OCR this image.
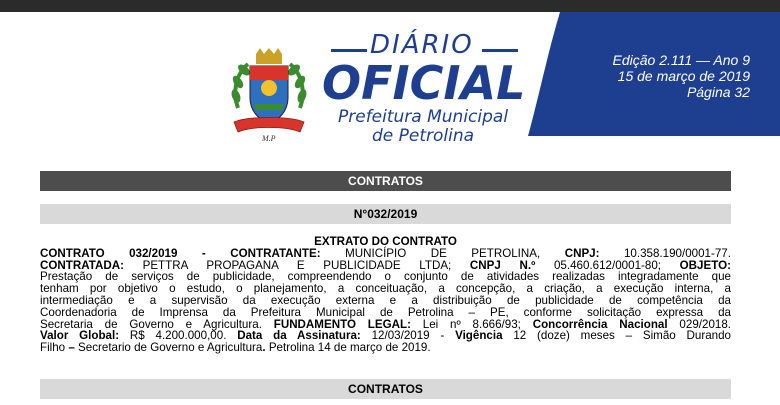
M.P
DIÁRIO
OFICIAL
Prefeitura Municipal
de Petrolina
Edição 2.111 — Ano 9
15 de março de 2019
Página 32
CONTRATOS
N°032/2019
EXTRATO DO CONTRATO
CONTRATO 032/2019 - CONTRATANTE: MUNICÍPIO DE PETROLINA, CNPJ: 10.358.190/0001-77.
CONTRATADA: PETTRA PROPAGANA E PUBLICIDADE LTDA; CNPJ N.º 05.460.612/0001-80; OBJETO:
Prestação de serviços de publicidade, compreendendo o conjunto de atividades realizadas integradamente que
tenham por objetivo o estudo, o planejamento, a conceituação, a concepção, a criação, a execução interna, a
intermediação e a supervisão da execução externa e a distribuição de publicidade de competência da
Coordenadoria de Imprensa da Prefeitura Municipal de Petrolina – PE, conforme solicitação expressa da
Secretaria de Governo e Agricultura. FUNDAMENTO LEGAL: Lei nº 8.666/93; Concorrência Nacional 029/2018.
Valor Global: R$ 4.200.000,00. Data da Assinatura: 12/03/2019 - Vigência 12 (doze) meses – Simão Durando
Filho – Secretario de Governo e Agricultura. Petrolina 14 de março de 2019.
CONTRATOS
